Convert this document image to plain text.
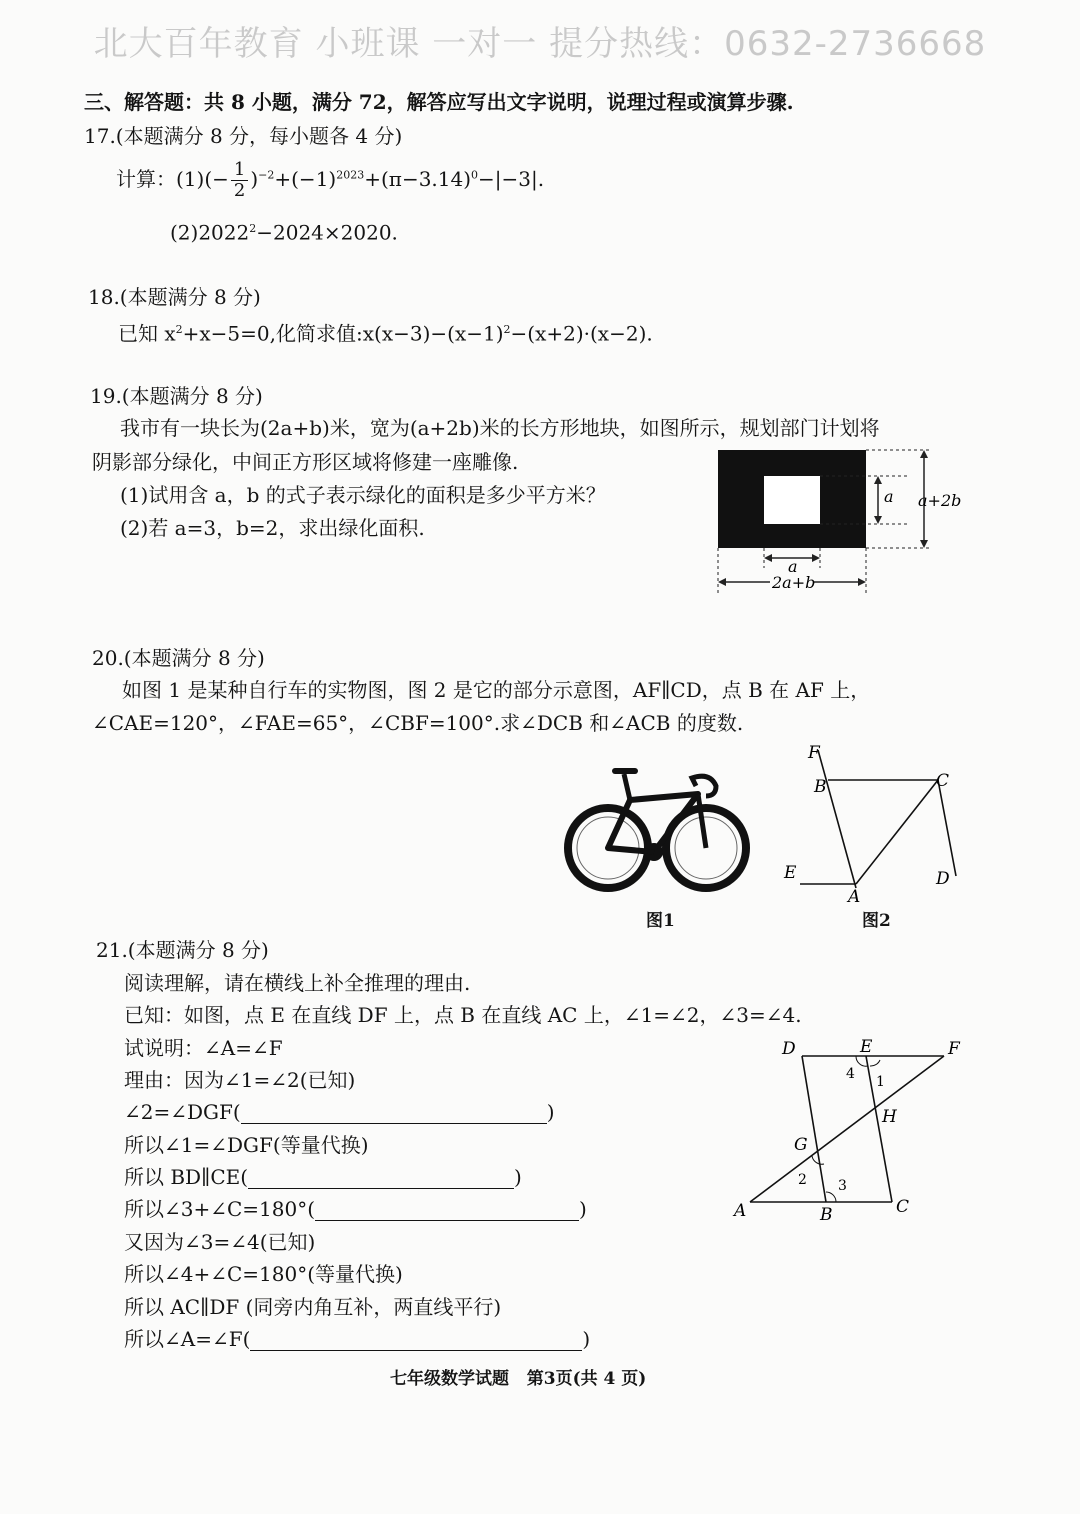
北大百年教育 小班课 一对一 提分热线：0632-2736668
三、解答题：共 8 小题，满分 72，解答应写出文字说明，说理过程或演算步骤.
17.(本题满分 8 分，每小题各 4 分)
计算：$(1)(- \frac{1}{2} )^{-2}+(-1)^{2023}+(\pi-3.14)^0-|-3|$.
$(2)2022^2-2024\times 2020$.
18.(本题满分 8 分)
已知 $x^2+x-5=0$,化简求值$:x(x-3)-(x-1)^2-(x+2)\cdot(x-2)$.
19.(本题满分 8 分)
我市有一块长为(2a+b)米，宽为(a+2b)米的长方形地块，如图所示，规划部门计划将
阴影部分绿化，中间正方形区域将修建一座雕像.
(1)试用含 a，b 的式子表示绿化的面积是多少平方米？
(2)若 a=3，b=2，求出绿化面积.
a a+2b
a
2a+b
20.(本题满分 8 分)
如图 1 是某种自行车的实物图，图 2 是它的部分示意图，AF∥CD，点 B 在 AF 上，
∠CAE=120°，∠FAE=65°，∠CBF=100°.求∠DCB 和∠ACB 的度数.
图1
F
B	C
E
A
D
图2
21.(本题满分 8 分)
阅读理解，请在横线上补全推理的理由.
已知：如图，点 E 在直线 DF 上，点 B 在直线 AC 上，∠1=∠2，∠3=∠4.
试说明：∠A=∠F
理由：因为∠1=∠2(已知)
∠2=∠DGF(	)
所以∠1=∠DGF(等量代换)
所以 BD∥CE(	)
所以∠3+∠C=180°(	)
又因为∠3=∠4(已知)
所以∠4+∠C=180°(等量代换)
所以 AC∥DF (同旁内角互补，两直线平行)
所以∠A=∠F(	)
D	E	F
4 1
H
G
2 3
A	B	C
七年级数学试题 第3页(共 4 页)
